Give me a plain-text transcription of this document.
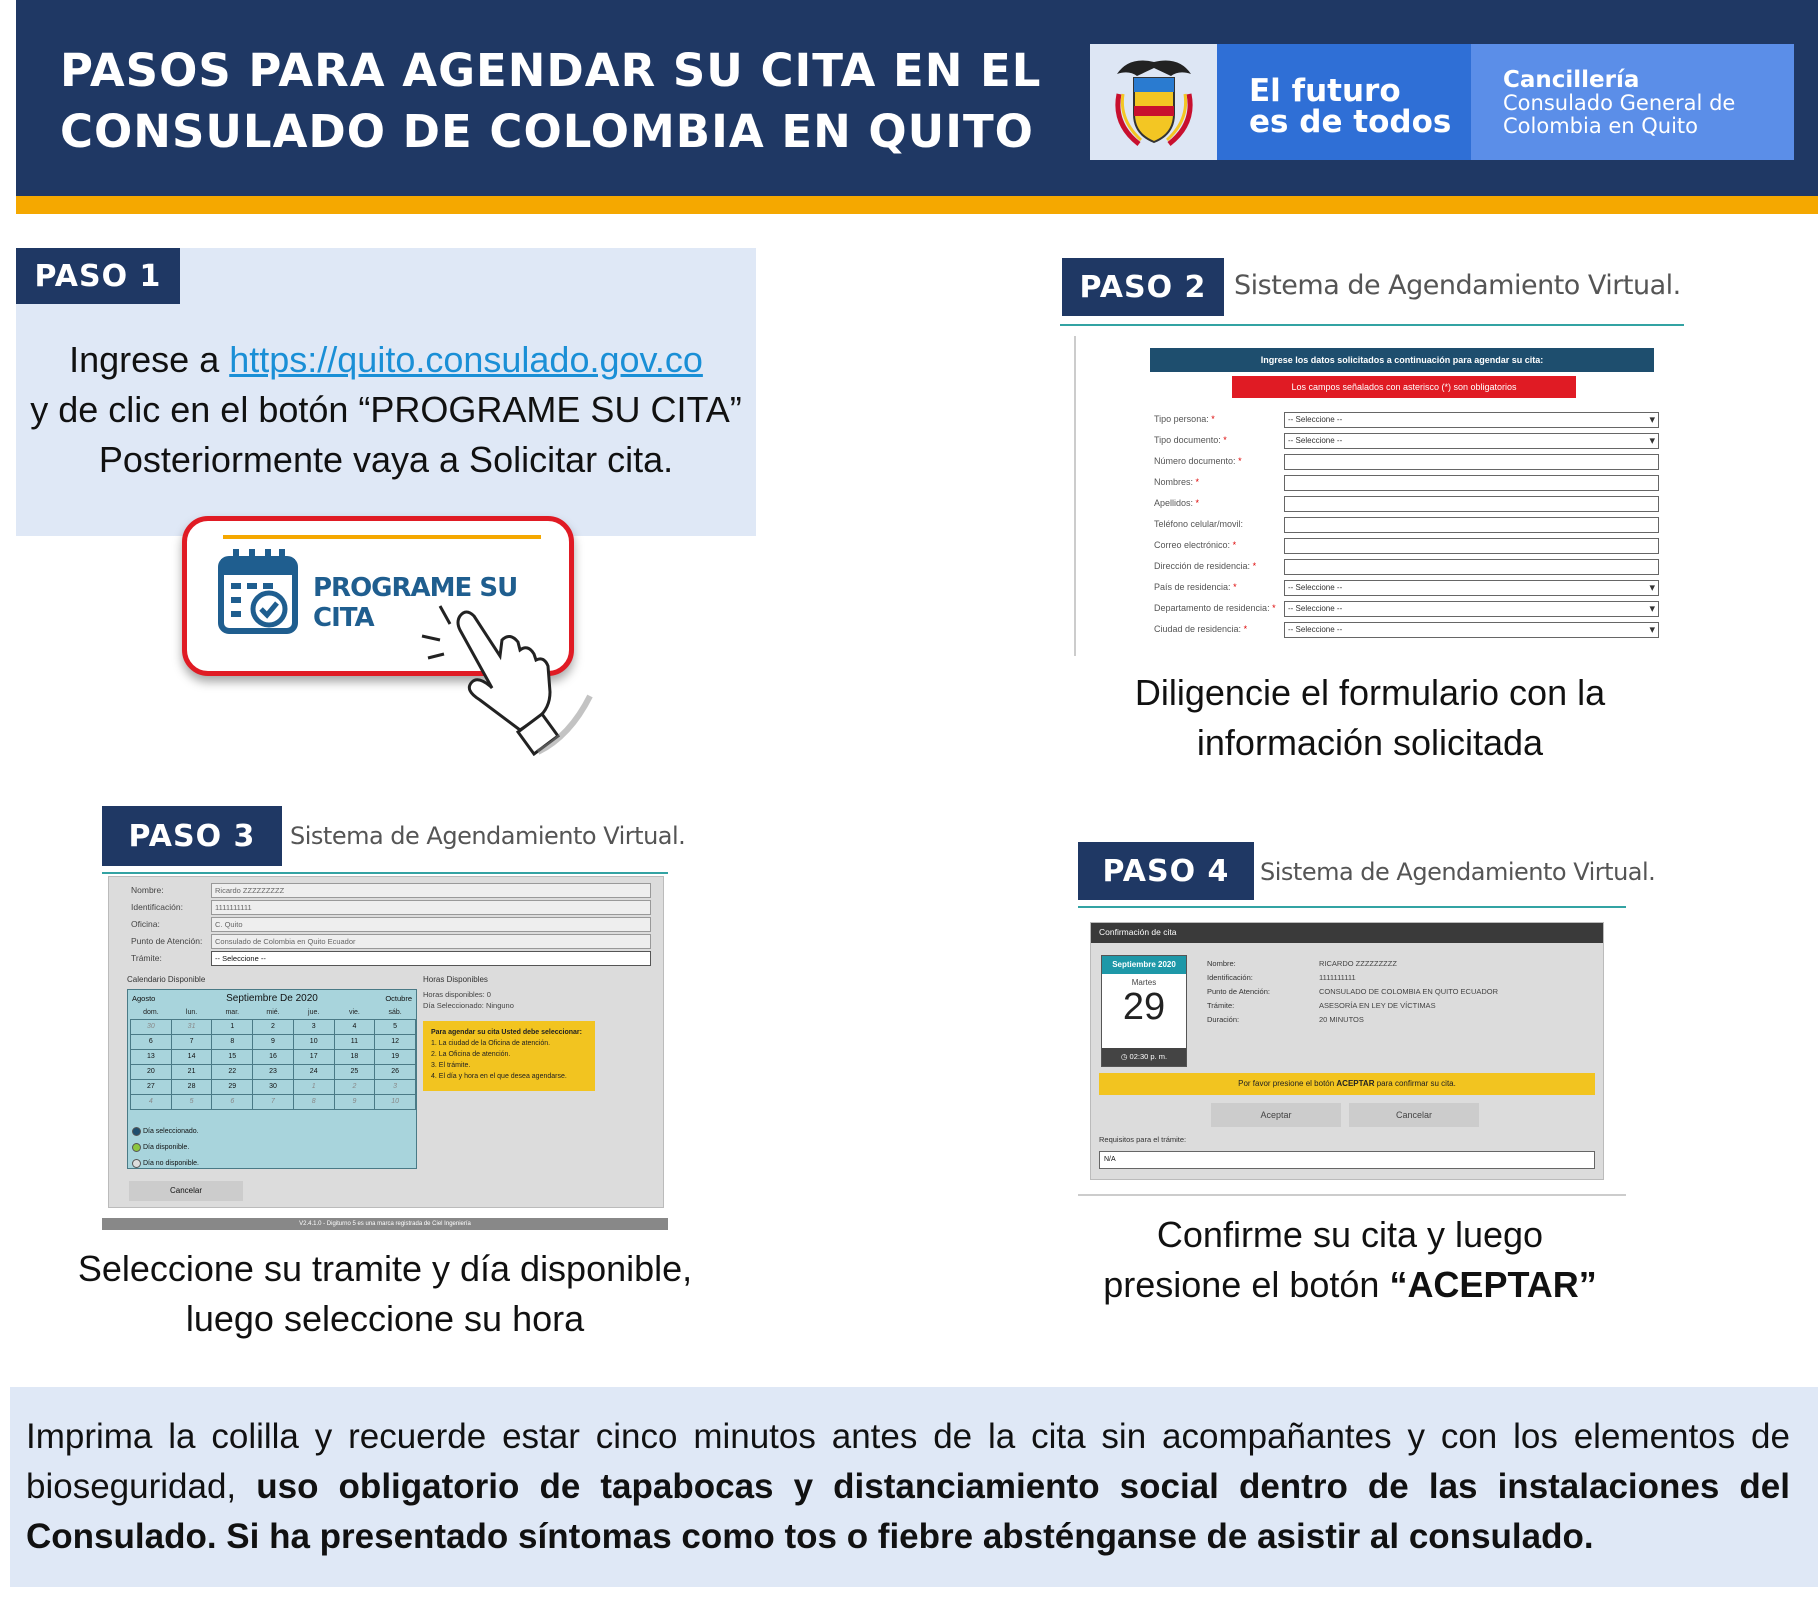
PASOS PARA AGENDAR SU CITA EN EL
CONSULADO DE COLOMBIA EN QUITO
El futuro
es de todos
Cancillería
Consulado General de
Colombia en Quito
PASO 1
Ingrese a https://quito.consulado.gov.co
y de clic en el botón “PROGRAME SU CITA”
Posteriormente vaya a Solicitar cita.
PROGRAME SU CITA
PASO 2	Sistema de Agendamiento Virtual.
Ingrese los datos solicitados a continuación para agendar su cita:
Los campos señalados con asterisco (*) son obligatorios
Tipo persona: *	-- Seleccione -- ▾
Tipo documento: *	-- Seleccione -- ▾
Número documento: *
Nombres: *
Apellidos: *
Teléfono celular/movil:
Correo electrónico: *
Dirección de residencia: *
País de residencia: *	-- Seleccione -- ▾
Departamento de residencia: *	-- Seleccione -- ▾
Ciudad de residencia: *	-- Seleccione -- ▾
Diligencie el formulario con la
información solicitada
PASO 3	Sistema de Agendamiento Virtual.
Nombre:	Ricardo ZZZZZZZZZ
Identificación:	1111111111
Oficina:	C. Quito
Punto de Atención:	Consulado de Colombia en Quito Ecuador
Trámite:	-- Seleccione --
Calendario Disponible
Agosto	Septiembre De 2020	Octubre
dom.	lun.	mar.	mié.	jue.	vie.	sáb.
30	31	1	2	3	4	5
6	7	8	9	10	11	12
13	14	15	16	17	18	19
20	21	22	23	24	25	26
27	28	29	30	1	2	3
4	5	6	7	8	9	10
Día seleccionado.
Día disponible.
Día no disponible.
Horas Disponibles
Horas disponibles: 0
Día Seleccionado: Ninguno
Para agendar su cita Usted debe seleccionar:
1. La ciudad de la Oficina de atención.
2. La Oficina de atención.
3. El trámite.
4. El día y hora en el que desea agendarse.
Cancelar
V2.4.1.0 - Digiturno 5 es una marca registrada de Ciel Ingeniería
Seleccione su tramite y día disponible,
luego seleccione su hora
PASO 4	Sistema de Agendamiento Virtual.
Confirmación de cita
Septiembre 2020
Martes
29
◷ 02:30 p. m.
Nombre:	RICARDO ZZZZZZZZZ
Identificación:	1111111111
Punto de Atención:	CONSULADO DE COLOMBIA EN QUITO ECUADOR
Trámite:	ASESORÍA EN LEY DE VÍCTIMAS
Duración:	20 MINUTOS
Por favor presione el botón ACEPTAR para confirmar su cita.
Aceptar	Cancelar
Requisitos para el trámite:
N/A
Confirme su cita y luego
presione el botón “ACEPTAR”
Imprima la colilla y recuerde estar cinco minutos antes de la cita sin acompañantes y con los elementos de bioseguridad, uso obligatorio de tapabocas y distanciamiento social dentro de las instalaciones del Consulado. Si ha presentado síntomas como tos o fiebre absténganse de asistir al consulado.
